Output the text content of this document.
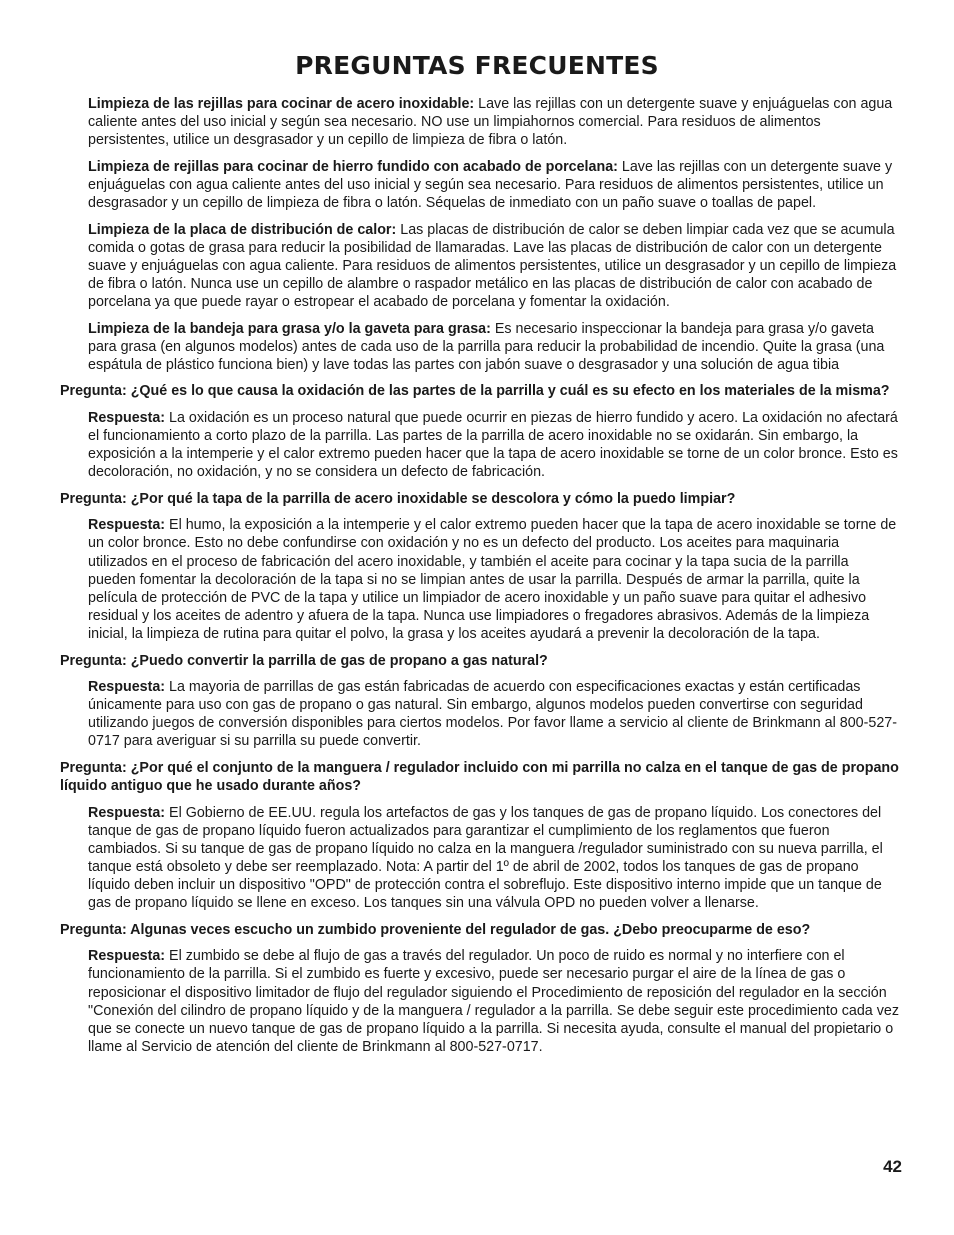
PREGUNTAS FRECUENTES

Limpieza de las rejillas para cocinar de acero inoxidable: Lave las rejillas con un detergente suave y enjuáguelas con agua caliente antes del uso inicial y según sea necesario. NO use un limpiahornos comercial. Para residuos de alimentos persistentes, utilice un desgrasador y un cepillo de limpieza de fibra o latón.

Limpieza de rejillas para cocinar de hierro fundido con acabado de porcelana: Lave las rejillas con un detergente suave y enjuáguelas con agua caliente antes del uso inicial y según sea necesario. Para residuos de alimentos persistentes, utilice un desgrasador y un cepillo de limpieza de fibra o latón. Séquelas de inmediato con un paño suave o toallas de papel.

Limpieza de la placa de distribución de calor: Las placas de distribución de calor se deben limpiar cada vez que se acumula comida o gotas de grasa para reducir la posibilidad de llamaradas. Lave las placas de distribución de calor con un detergente suave y enjuáguelas con agua caliente. Para residuos de alimentos persistentes, utilice un desgrasador y un cepillo de limpieza de fibra o latón. Nunca use un cepillo de alambre o raspador metálico en las placas de distribución de calor con acabado de porcelana ya que puede rayar o estropear el acabado de porcelana y fomentar la oxidación.

Limpieza de la bandeja para grasa y/o la gaveta para grasa: Es necesario inspeccionar la bandeja para grasa y/o gaveta para grasa (en algunos modelos) antes de cada uso de la parrilla para reducir la probabilidad de incendio. Quite la grasa (una espátula de plástico funciona bien) y lave todas las partes con jabón suave o desgrasador y una solución de agua tibia

Pregunta: ¿Qué es lo que causa la oxidación de las partes de la parrilla y cuál es su efecto en los materiales de la misma?

Respuesta: La oxidación es un proceso natural que puede ocurrir en piezas de hierro fundido y acero. La oxidación no afectará el funcionamiento a corto plazo de la parrilla. Las partes de la parrilla de acero inoxidable no se oxidarán. Sin embargo, la exposición a la intemperie y el calor extremo pueden hacer que la tapa de acero inoxidable se torne de un color bronce. Esto es decoloración, no oxidación, y no se considera un defecto de fabricación.

Pregunta: ¿Por qué la tapa de la parrilla de acero inoxidable se descolora y cómo la puedo limpiar?

Respuesta: El humo, la exposición a la intemperie y el calor extremo pueden hacer que la tapa de acero inoxidable se torne de un color bronce. Esto no debe confundirse con oxidación y no es un defecto del producto. Los aceites para maquinaria utilizados en el proceso de fabricación del acero inoxidable, y también el aceite para cocinar y la tapa sucia de la parrilla pueden fomentar la decoloración de la tapa si no se limpian antes de usar la parrilla. Después de armar la parrilla, quite la película de protección de PVC de la tapa y utilice un limpiador de acero inoxidable y un paño suave para quitar el adhesivo residual y los aceites de adentro y afuera de la tapa. Nunca use limpiadores o fregadores abrasivos. Además de la limpieza inicial, la limpieza de rutina para quitar el polvo, la grasa y los aceites ayudará a prevenir la decoloración de la tapa.

Pregunta: ¿Puedo convertir la parrilla de gas de propano a gas natural?

Respuesta: La mayoria de parrillas de gas están fabricadas de acuerdo con especificaciones exactas y están certificadas únicamente para uso con gas de propano o gas natural. Sin embargo, algunos modelos pueden convertirse con seguridad utilizando juegos de conversión disponibles para ciertos modelos. Por favor llame a servicio al cliente de Brinkmann al 800-527-0717 para averiguar si su parrilla su puede convertir.

Pregunta: ¿Por qué el conjunto de la manguera / regulador incluido con mi parrilla no calza en el tanque de gas de propano líquido antiguo que he usado durante años?

Respuesta: El Gobierno de EE.UU. regula los artefactos de gas y los tanques de gas de propano líquido. Los conectores del tanque de gas de propano líquido fueron actualizados para garantizar el cumplimiento de los reglamentos que fueron cambiados. Si su tanque de gas de propano líquido no calza en la manguera /regulador suministrado con su nueva parrilla, el tanque está obsoleto y debe ser reemplazado. Nota: A partir del 1º de abril de 2002, todos los tanques de gas de propano líquido deben incluir un dispositivo "OPD" de protección contra el sobreflujo. Este dispositivo interno impide que un tanque de gas de propano líquido se llene en exceso. Los tanques sin una válvula OPD no pueden volver a llenarse.

Pregunta: Algunas veces escucho un zumbido proveniente del regulador de gas. ¿Debo preocuparme de eso?

Respuesta: El zumbido se debe al flujo de gas a través del regulador. Un poco de ruido es normal y no interfiere con el funcionamiento de la parrilla. Si el zumbido es fuerte y excesivo, puede ser necesario purgar el aire de la línea de gas o reposicionar el dispositivo limitador de flujo del regulador siguiendo el Procedimiento de reposición del regulador en la sección "Conexión del cilindro de propano líquido y de la manguera / regulador a la parrilla. Se debe seguir este procedimiento cada vez que se conecte un nuevo tanque de gas de propano líquido a la parrilla. Si necesita ayuda, consulte el manual del propietario o llame al Servicio de atención del cliente de Brinkmann al 800-527-0717.

42
